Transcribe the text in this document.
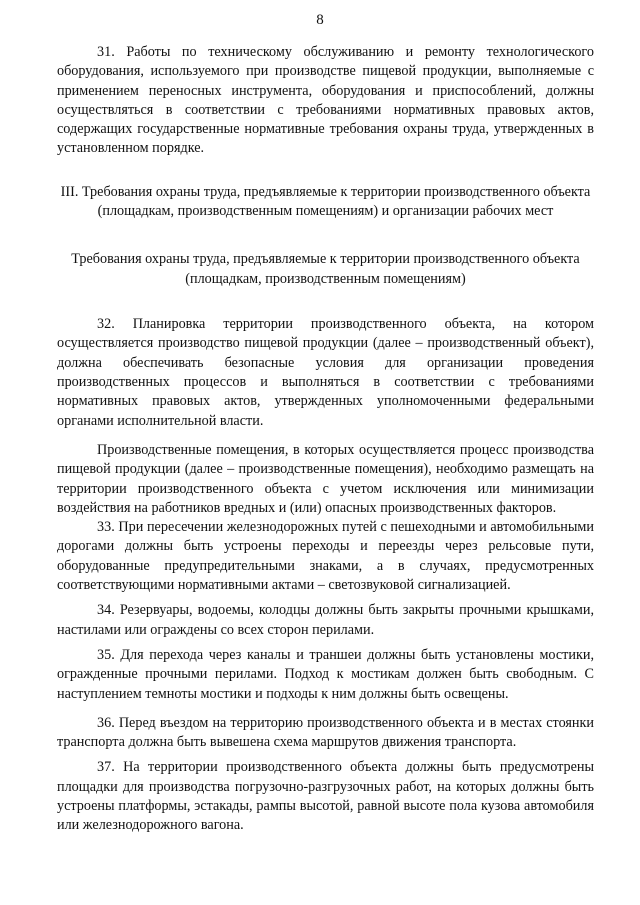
8

31. Работы по техническому обслуживанию и ремонту технологического оборудования, используемого при производстве пищевой продукции, выполняемые с применением переносных инструмента, оборудования и приспособлений, должны осуществляться в соответствии с требованиями нормативных правовых актов, содержащих государственные нормативные требования охраны труда, утвержденных в установленном порядке.

III. Требования охраны труда, предъявляемые к территории производственного объекта (площадкам, производственным помещениям) и организации рабочих мест

Требования охраны труда, предъявляемые к территории производственного объекта (площадкам, производственным помещениям)

32. Планировка территории производственного объекта, на котором осуществляется производство пищевой продукции (далее – производственный объект), должна обеспечивать безопасные условия для организации проведения производственных процессов и выполняться в соответствии с требованиями нормативных правовых актов, утвержденных уполномоченными федеральными органами исполнительной власти.

Производственные помещения, в которых осуществляется процесс производства пищевой продукции (далее – производственные помещения), необходимо размещать на территории производственного объекта с учетом исключения или минимизации воздействия на работников вредных и (или) опасных производственных факторов.

33. При пересечении железнодорожных путей с пешеходными и автомобильными дорогами должны быть устроены переходы и переезды через рельсовые пути, оборудованные предупредительными знаками, а в случаях, предусмотренных соответствующими нормативными актами – светозвуковой сигнализацией.

34. Резервуары, водоемы, колодцы должны быть закрыты прочными крышками, настилами или ограждены со всех сторон перилами.

35. Для перехода через каналы и траншеи должны быть установлены мостики, огражденные прочными перилами. Подход к мостикам должен быть свободным. С наступлением темноты мостики и подходы к ним должны быть освещены.

36. Перед въездом на территорию производственного объекта и в местах стоянки транспорта должна быть вывешена схема маршрутов движения транспорта.

37. На территории производственного объекта должны быть предусмотрены площадки для производства погрузочно-разгрузочных работ, на которых должны быть устроены платформы, эстакады, рампы высотой, равной высоте пола кузова автомобиля или железнодорожного вагона.
